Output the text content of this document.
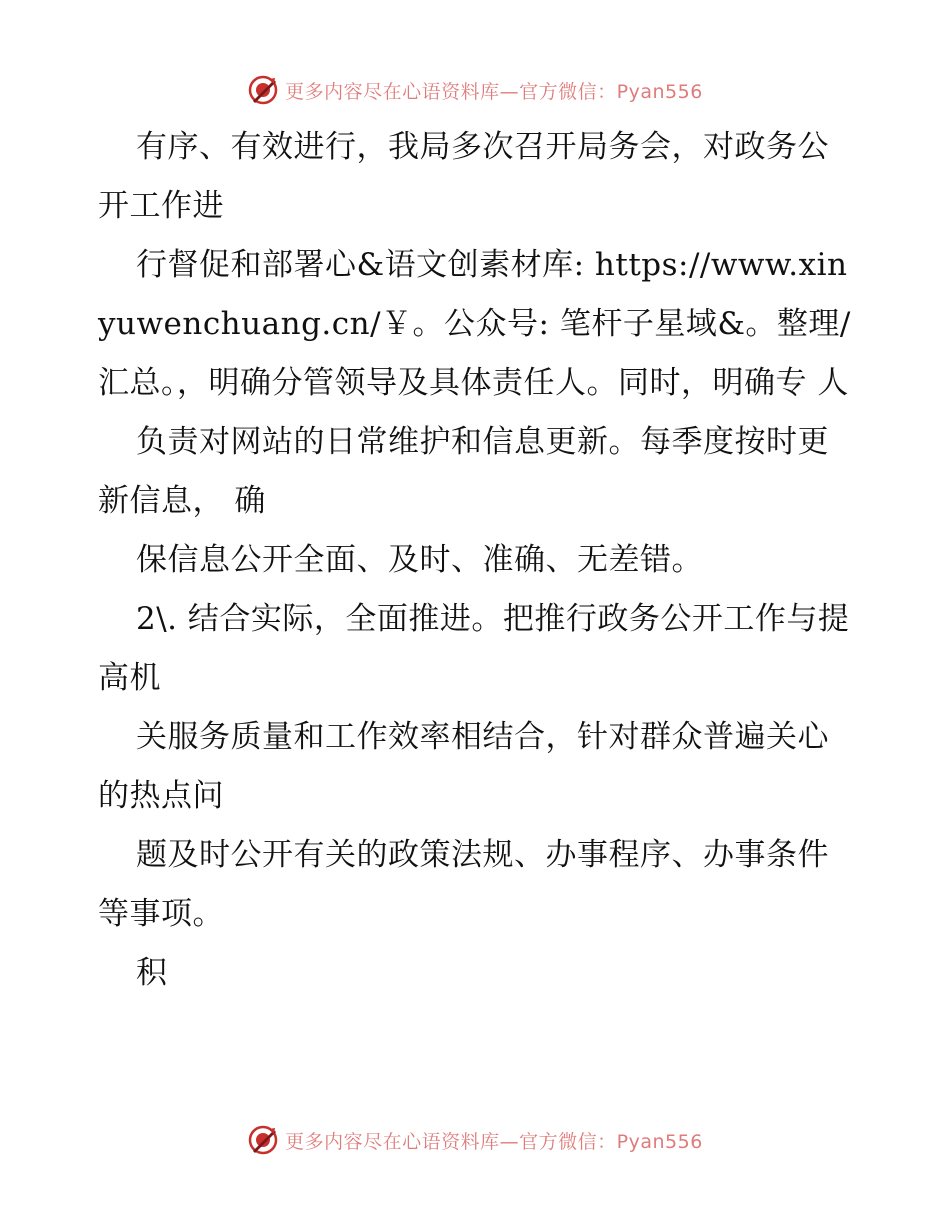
更多内容尽在心语资料库—官方微信：Pyan556

有序、有效进行，我局多次召开局务会，对政务公开工作进

行督促和部署心&语文创素材库: https://www.xinyuwenchuang.cn/￥。公众号: 笔杆子星域&。整理/汇总。，明确分管领导及具体责任人。同时，明确专 人

负责对网站的日常维护和信息更新。每季度按时更新信息， 确

保信息公开全面、及时、准确、无差错。

2\. 结合实际，全面推进。把推行政务公开工作与提高机

关服务质量和工作效率相结合，针对群众普遍关心的热点问

题及时公开有关的政策法规、办事程序、办事条件等事项。

积

更多内容尽在心语资料库—官方微信：Pyan556
